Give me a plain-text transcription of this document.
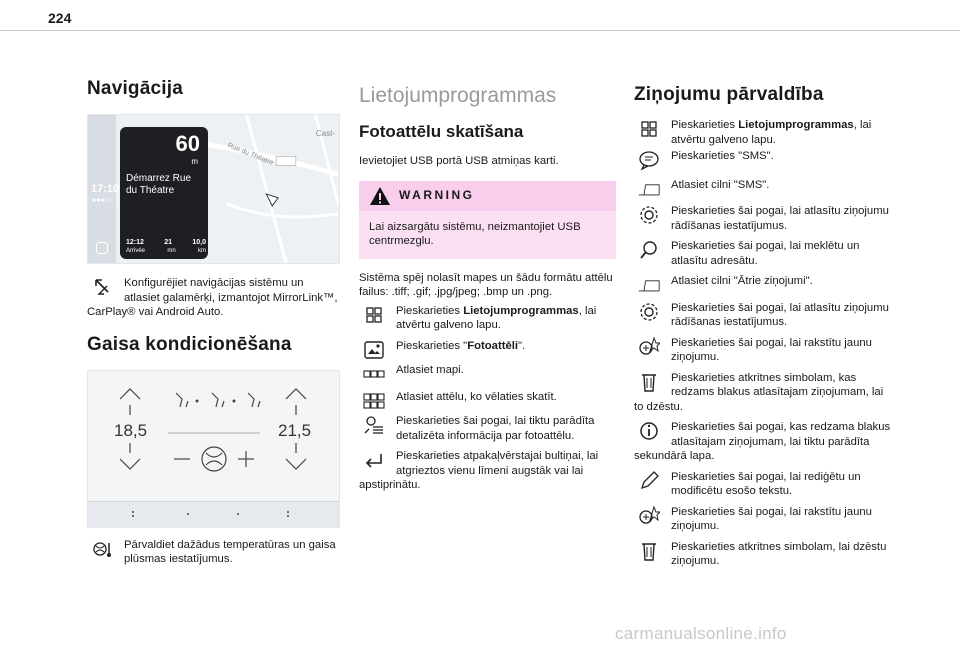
224
Navigācija
17:10
●●●○○
Cast-
Rue du Théatre
60
m
Démarrez Rue du Théatre
12:12	21	10,0
Arrivée	mn	km

Konfigurējiet navigācijas sistēmu un atlasiet galamērķi, izmantojot MirrorLink™, CarPlay® vai Android Auto.

Gaisa kondicionēšana
18,5	21,5

Pārvaldiet dažādus temperatūras un gaisa plūsmas iestatījumus.

Lietojumprogrammas
Fotoattēlu skatīšana

Ievietojiet USB portā USB atmiņas karti.

WARNING
Lai aizsargātu sistēmu, neizmantojiet USB centrmezglu.

Sistēma spēj nolasīt mapes un šādu formātu attēlu failus: .tiff; .gif; .jpg/jpeg; .bmp un .png.

Pieskarieties Lietojumprogrammas, lai atvērtu galveno lapu.
Pieskarieties "Fotoattēli".
Atlasiet mapi.
Atlasiet attēlu, ko vēlaties skatīt.
Pieskarieties šai pogai, lai tiktu parādīta detalizēta informācija par fotoattēlu.

Pieskarieties atpakaļvērstajai bultiņai, lai atgrieztos vienu līmeni augstāk vai lai apstiprinātu.

Ziņojumu pārvaldība
Pieskarieties Lietojumprogrammas, lai atvērtu galveno lapu.
Pieskarieties "SMS".
Atlasiet cilni "SMS".
Pieskarieties šai pogai, lai atlasītu ziņojumu rādīšanas iestatījumus.
Pieskarieties šai pogai, lai meklētu un atlasītu adresātu.
Atlasiet cilni "Ātrie ziņojumi".
Pieskarieties šai pogai, lai atlasītu ziņojumu rādīšanas iestatījumus.
Pieskarieties šai pogai, lai rakstītu jaunu ziņojumu.

Pieskarieties atkritnes simbolam, kas redzams blakus atlasītajam ziņojumam, lai to dzēstu.

Pieskarieties šai pogai, kas redzama blakus atlasītajam ziņojumam, lai tiktu parādīta sekundārā lapa.

Pieskarieties šai pogai, lai rediģētu un modificētu esošo tekstu.
Pieskarieties šai pogai, lai rakstītu jaunu ziņojumu.
Pieskarieties atkritnes simbolam, lai dzēstu ziņojumu.
carmanualsonline.info
